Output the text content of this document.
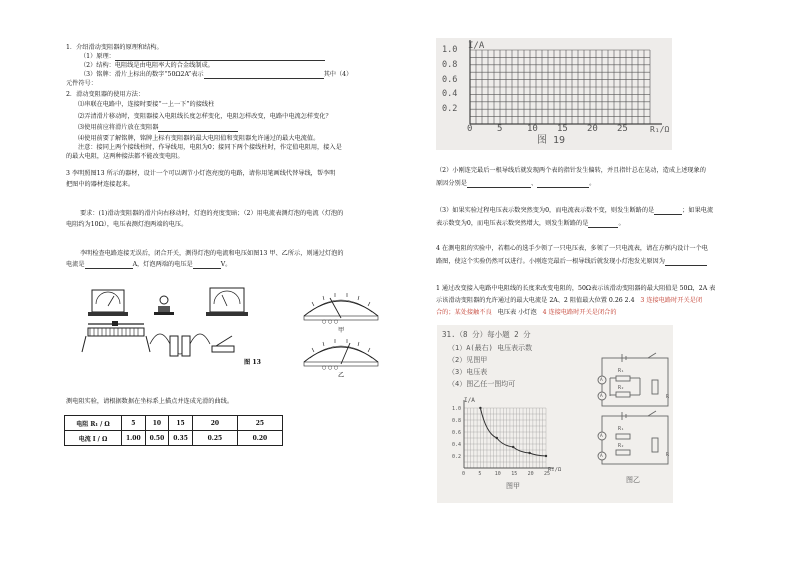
1．介绍滑动变阻器的原理和结构。
（1）原理：
（2）结构：电阻线是由电阻率大的合金线制成。
（3）铭牌：滑片上标出的数字“50Ω2A”表示	其中（4）
元件符号：
2．滑动变阻器的使用方法：
⑴串联在电路中，连接时要接“一上一下”的接线柱
⑵弄清滑片移动时，变阻器接入电阻线长度怎样变化，电阻怎样改变，电路中电流怎样变化？
⑶使用前应将滑片放在变阻器
⑷使用前要了解铭牌，铭牌上标有变阻器的最大电阻值和变阻器允许通过的最大电流值。
注意：接同上两个接线柱时，作导线用，电阻为0；接同下两个接线柱时，作定值电阻用，接入是
的最大电阻，这两种接法都不能改变电阻。
3 李明照图13 所示的器材，设计一个可以调节小灯泡亮度的电路，请你用笔画线代替导线，帮李明
把图中的器材连接起来。
要求：(1)滑动变阻器的滑片向右移动时，灯泡的亮度变暗；（2）用电流表测灯泡的电流（灯泡的
电阻约为10Ω），电压表测灯泡两端的电压。
李明检查电路连接无误后，闭合开关，测得灯泡的电流和电压如图13 甲、乙所示，则通过灯泡的
电流是	A，灯泡两端的电压是	V。
图 13
○ ○ ○
甲
○ ○ ○
乙
测电阻实验，请根据数据在坐标系上描点并连成光滑的曲线。
电阻 R₁ / Ω	5	10	15	20	25
电流 I / Ω	1.00	0.50	0.35	0.25	0.20
I/A
R₁/Ω
图 19
1.0
0.8
0.6
0.4
0.2
0	5	10 15 20 25
（2）小刚连完最后一根导线后就发现两个表的指针发生偏转，并且指针总在晃动，造成上述现象的
原因分别是	、	。
（3）如果实验过程电压表示数突然变为0，而电流表示数不变，则发生断路的是	；如果电流
表示数变为0，而电压表示数突然增大，则发生断路的是	。
4 在测电阻的实验中，若粗心的选手少领了一只电压表，多领了一只电流表，请在方框内设计一个电
路图，使这个实验仍然可以进行。小刚连完最后一根导线后就发现小灯泡发光原因为
1 通过改变接入电路中电阻线的长度来改变电阻的，50Ω表示该滑动变阻器的最大阻值是 50Ω，2A 表
示该滑动变阻器的允许通过的最大电流是 2A、2 阻值最大位置 0.26 2.4 3 连接电路时开关是闭
合的；某处接触不良 电压表 小灯泡 4 连接电路时开关是闭合的
31.（8 分）每小题 2 分
（1）A(最右) 电压表示数
（2）见图甲
（3）电压表
（4）图乙任一图均可
I/A
R₁/Ω
图甲
1.0
0.8
0.6
0.4
0.2
0	5	10 15 20 25
R₁
R₂
R
R₁
R₂
R
A
A
A
A
图乙
